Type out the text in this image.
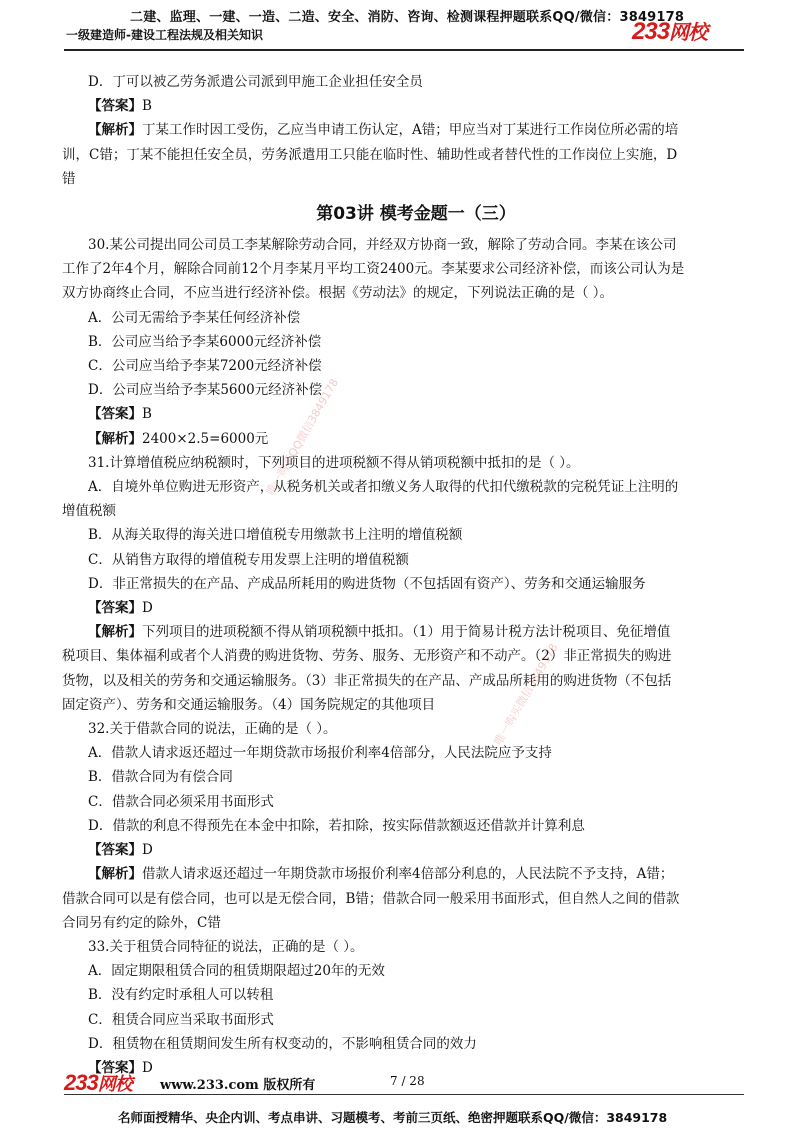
二建、监理、一建、一造、二造、安全、消防、咨询、检测课程押题联系QQ/微信：3849178
一级建造师-建设工程法规及相关知识	233网校
D．丁可以被乙劳务派遣公司派到甲施工企业担任安全员
【答案】B
【解析】丁某工作时因工受伤，乙应当申请工伤认定，A错；甲应当对丁某进行工作岗位所必需的培
训，C错；丁某不能担任安全员，劳务派遣用工只能在临时性、辅助性或者替代性的工作岗位上实施，D
错
第03讲 模考金题一（三）
30.某公司提出同公司员工李某解除劳动合同，并经双方协商一致，解除了劳动合同。李某在该公司
工作了2年4个月，解除合同前12个月李某月平均工资2400元。李某要求公司经济补偿，而该公司认为是
双方协商终止合同，不应当进行经济补偿。根据《劳动法》的规定，下列说法正确的是（ ）。
A．公司无需给予李某任何经济补偿
B．公司应当给予李某6000元经济补偿
C．公司应当给予李某7200元经济补偿
D．公司应当给予李某5600元经济补偿
【答案】B
【解析】2400×2.5=6000元
31.计算增值税应纳税额时，下列项目的进项税额不得从销项税额中抵扣的是（ ）。
A．自境外单位购进无形资产，从税务机关或者扣缴义务人取得的代扣代缴税款的完税凭证上注明的
增值税额
B．从海关取得的海关进口增值税专用缴款书上注明的增值税额
C．从销售方取得的增值税专用发票上注明的增值税额
D．非正常损失的在产品、产成品所耗用的购进货物（不包括固有资产）、劳务和交通运输服务
【答案】D
【解析】下列项目的进项税额不得从销项税额中抵扣。（1）用于简易计税方法计税项目、免征增值
税项目、集体福利或者个人消费的购进货物、劳务、服务、无形资产和不动产。（2）非正常损失的购进
货物，以及相关的劳务和交通运输服务。（3）非正常损失的在产品、产成品所耗用的购进货物（不包括
固定资产）、劳务和交通运输服务。（4）国务院规定的其他项目
32.关于借款合同的说法，正确的是（ ）。
A．借款人请求返还超过一年期贷款市场报价利率4倍部分，人民法院应予支持
B．借款合同为有偿合同
C．借款合同必须采用书面形式
D．借款的利息不得预先在本金中扣除，若扣除，按实际借款额返还借款并计算利息
【答案】D
【解析】借款人请求返还超过一年期贷款市场报价利率4倍部分利息的，人民法院不予支持，A错；
借款合同可以是有偿合同，也可以是无偿合同，B错；借款合同一般采用书面形式，但自然人之间的借款
合同另有约定的除外，C错
33.关于租赁合同特征的说法，正确的是（ ）。
A．固定期限租赁合同的租赁期限超过20年的无效
B．没有约定时承租人可以转租
C．租赁合同应当采取书面形式
D．租赁物在租赁期间发生所有权变动的，不影响租赁合同的效力
【答案】D
唯一购买QQ微信3849178
唯一购买微信3849178
233网校 www.233.com 版权所有	7 / 28
名师面授精华、央企内训、考点串讲、习题模考、考前三页纸、绝密押题联系QQ/微信：3849178
